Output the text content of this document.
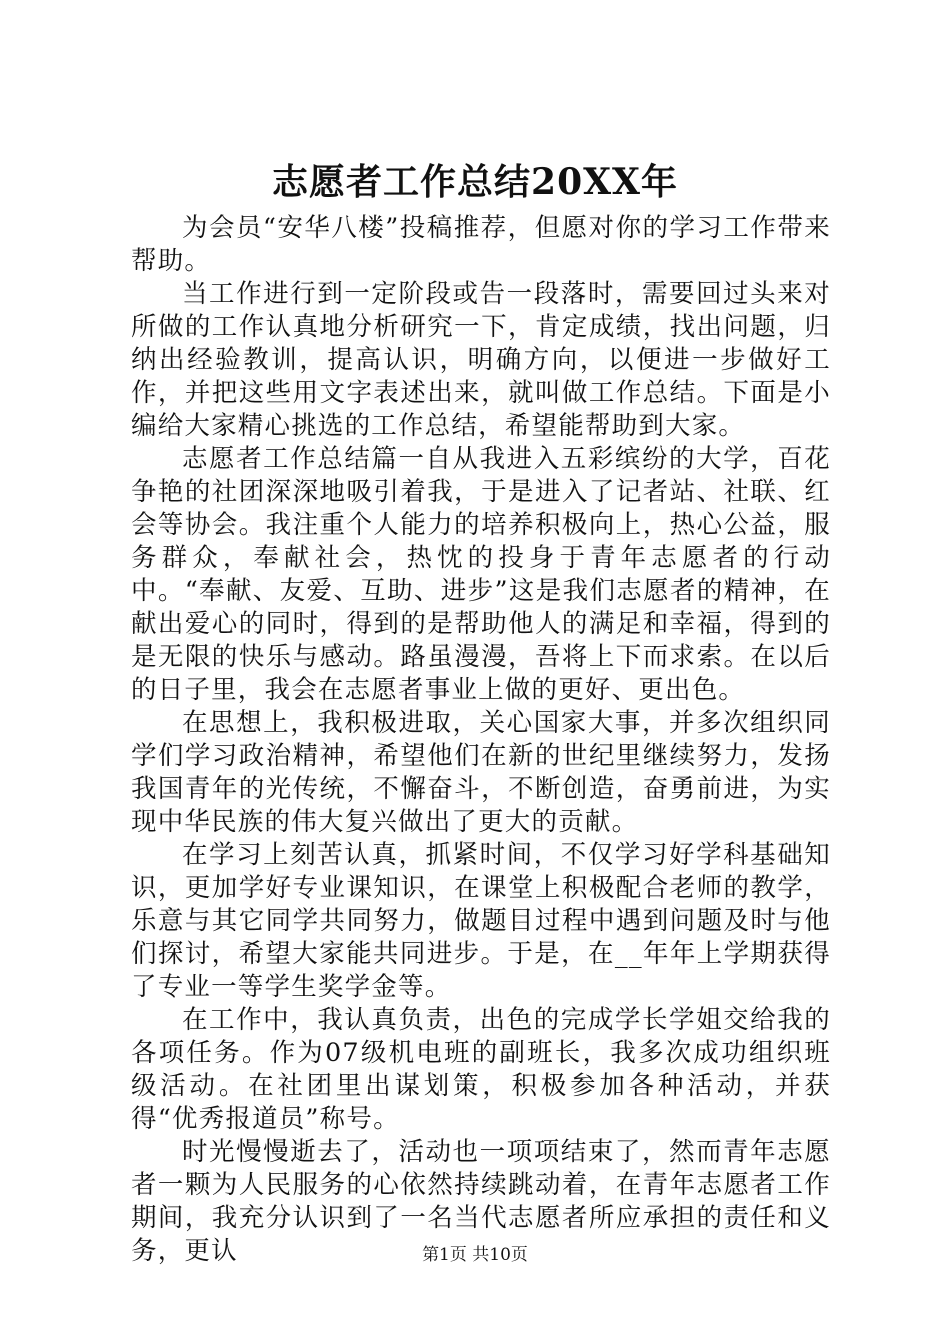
志愿者工作总结20XX年

为会员“安华八楼”投稿推荐，但愿对你的学习工作带来帮助。

当工作进行到一定阶段或告一段落时，需要回过头来对所做的工作认真地分析研究一下，肯定成绩，找出问题，归纳出经验教训，提高认识，明确方向，以便进一步做好工作，并把这些用文字表述出来，就叫做工作总结。下面是小编给大家精心挑选的工作总结，希望能帮助到大家。

志愿者工作总结篇一自从我进入五彩缤纷的大学，百花争艳的社团深深地吸引着我，于是进入了记者站、社联、红会等协会。我注重个人能力的培养积极向上，热心公益，服务群众，奉献社会，热忱的投身于青年志愿者的行动中。“奉献、友爱、互助、进步”这是我们志愿者的精神，在献出爱心的同时，得到的是帮助他人的满足和幸福，得到的是无限的快乐与感动。路虽漫漫，吾将上下而求索。在以后的日子里，我会在志愿者事业上做的更好、更出色。

在思想上，我积极进取，关心国家大事，并多次组织同学们学习政治精神，希望他们在新的世纪里继续努力，发扬我国青年的光传统，不懈奋斗，不断创造，奋勇前进，为实现中华民族的伟大复兴做出了更大的贡献。

在学习上刻苦认真，抓紧时间，不仅学习好学科基础知识，更加学好专业课知识，在课堂上积极配合老师的教学，乐意与其它同学共同努力，做题目过程中遇到问题及时与他们探讨，希望大家能共同进步。于是，在__年年上学期获得了专业一等学生奖学金等。

在工作中，我认真负责，出色的完成学长学姐交给我的各项任务。作为07级机电班的副班长，我多次成功组织班级活动。在社团里出谋划策，积极参加各种活动，并获得“优秀报道员”称号。

时光慢慢逝去了，活动也一项项结束了，然而青年志愿者一颗为人民服务的心依然持续跳动着，在青年志愿者工作期间，我充分认识到了一名当代志愿者所应承担的责任和义务，更认	第1页 共10页
